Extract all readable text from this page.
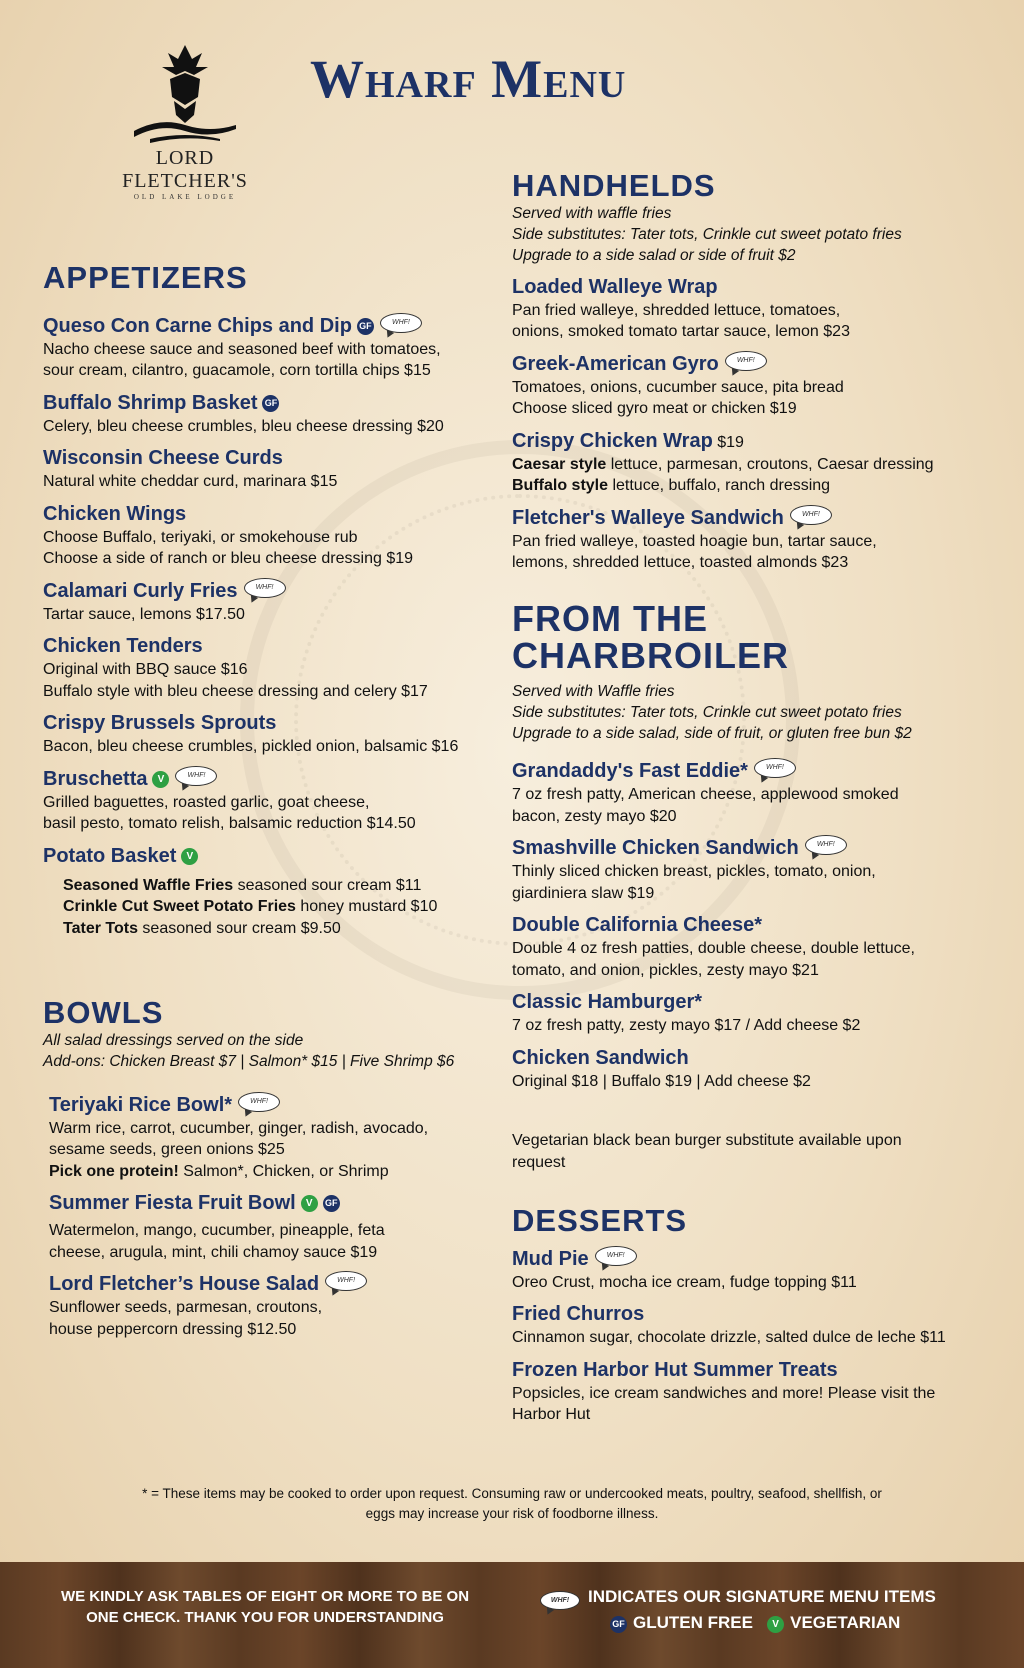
LORD FLETCHER'S
OLD LAKE LODGE
Wharf Menu
APPETIZERS
Queso Con Carne Chips and Dip GF	WHF!
Nacho cheese sauce and seasoned beef with tomatoes, sour cream, cilantro, guacamole, corn tortilla chips $15
Buffalo Shrimp Basket GF
Celery, bleu cheese crumbles, bleu cheese dressing $20
Wisconsin Cheese Curds
Natural white cheddar curd, marinara $15
Chicken Wings
Choose Buffalo, teriyaki, or smokehouse rub
Choose a side of ranch or bleu cheese dressing $19
Calamari Curly Fries	WHF!
Tartar sauce, lemons $17.50
Chicken Tenders
Original with BBQ sauce $16
Buffalo style with bleu cheese dressing and celery $17
Crispy Brussels Sprouts
Bacon, bleu cheese crumbles, pickled onion, balsamic $16
Bruschetta V	WHF!
Grilled baguettes, roasted garlic, goat cheese,
basil pesto, tomato relish, balsamic reduction $14.50
Potato Basket V
Seasoned Waffle Fries seasoned sour cream $11
Crinkle Cut Sweet Potato Fries honey mustard $10
Tater Tots seasoned sour cream $9.50
BOWLS
All salad dressings served on the side
Add-ons: Chicken Breast $7 | Salmon* $15 | Five Shrimp $6
Teriyaki Rice Bowl*	WHF!
Warm rice, carrot, cucumber, ginger, radish, avocado,
sesame seeds, green onions $25
Pick one protein! Salmon*, Chicken, or Shrimp
Summer Fiesta Fruit Bowl V GF
Watermelon, mango, cucumber, pineapple, feta
cheese, arugula, mint, chili chamoy sauce $19
Lord Fletcher’s House Salad	WHF!
Sunflower seeds, parmesan, croutons,
house peppercorn dressing $12.50
HANDHELDS
Served with waffle fries
Side substitutes: Tater tots, Crinkle cut sweet potato fries
Upgrade to a side salad or side of fruit $2
Loaded Walleye Wrap
Pan fried walleye, shredded lettuce, tomatoes,
onions, smoked tomato tartar sauce, lemon $23
Greek-American Gyro	WHF!
Tomatoes, onions, cucumber sauce, pita bread
Choose sliced gyro meat or chicken $19
Crispy Chicken Wrap $19
Caesar style lettuce, parmesan, croutons, Caesar dressing
Buffalo style lettuce, buffalo, ranch dressing
Fletcher's Walleye Sandwich	WHF!
Pan fried walleye, toasted hoagie bun, tartar sauce,
lemons, shredded lettuce, toasted almonds $23
FROM THE
CHARBROILER
Served with Waffle fries
Side substitutes: Tater tots, Crinkle cut sweet potato fries
Upgrade to a side salad, side of fruit, or gluten free bun $2
Grandaddy's Fast Eddie*	WHF!
7 oz fresh patty, American cheese, applewood smoked
bacon, zesty mayo $20
Smashville Chicken Sandwich	WHF!
Thinly sliced chicken breast, pickles, tomato, onion,
giardiniera slaw $19
Double California Cheese*
Double 4 oz fresh patties, double cheese, double lettuce,
tomato, and onion, pickles, zesty mayo $21
Classic Hamburger*
7 oz fresh patty, zesty mayo $17 / Add cheese $2
Chicken Sandwich
Original $18 | Buffalo $19 | Add cheese $2
Vegetarian black bean burger substitute available upon
request
DESSERTS
Mud Pie	WHF!
Oreo Crust, mocha ice cream, fudge topping $11
Fried Churros
Cinnamon sugar, chocolate drizzle, salted dulce de leche $11
Frozen Harbor Hut Summer Treats
Popsicles, ice cream sandwiches and more! Please visit the
Harbor Hut
* = These items may be cooked to order upon request. Consuming raw or undercooked meats, poultry, seafood, shellfish, or
eggs may increase your risk of foodborne illness.
WE KINDLY ASK TABLES OF EIGHT OR MORE TO BE ON
ONE CHECK. THANK YOU FOR UNDERSTANDING
WHF! INDICATES OUR SIGNATURE MENU ITEMS
GF GLUTEN FREE V VEGETARIAN
